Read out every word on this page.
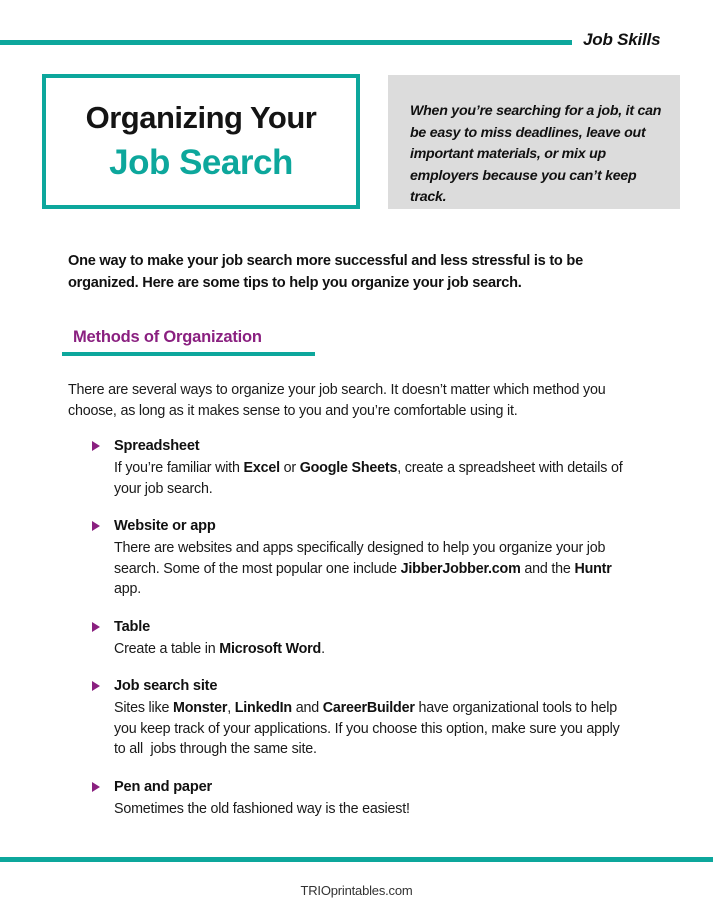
Job Skills
Organizing Your
Job Search
When you’re searching for a job, it can be easy to miss deadlines, leave out important materials, or mix up employers because you can’t keep track.
One way to make your job search more successful and less stressful is to be organized. Here are some tips to help you organize your job search.
Methods of Organization
There are several ways to organize your job search. It doesn’t matter which method you choose, as long as it makes sense to you and you’re comfortable using it.
Spreadsheet
If you’re familiar with Excel or Google Sheets, create a spreadsheet with details of your job search.
Website or app
There are websites and apps specifically designed to help you organize your job search. Some of the most popular one include JibberJobber.com and the Huntr app.
Table
Create a table in Microsoft Word.
Job search site
Sites like Monster, LinkedIn and CareerBuilder have organizational tools to help you keep track of your applications. If you choose this option, make sure you apply to all  jobs through the same site.
Pen and paper
Sometimes the old fashioned way is the easiest!
TRIOprintables.com
